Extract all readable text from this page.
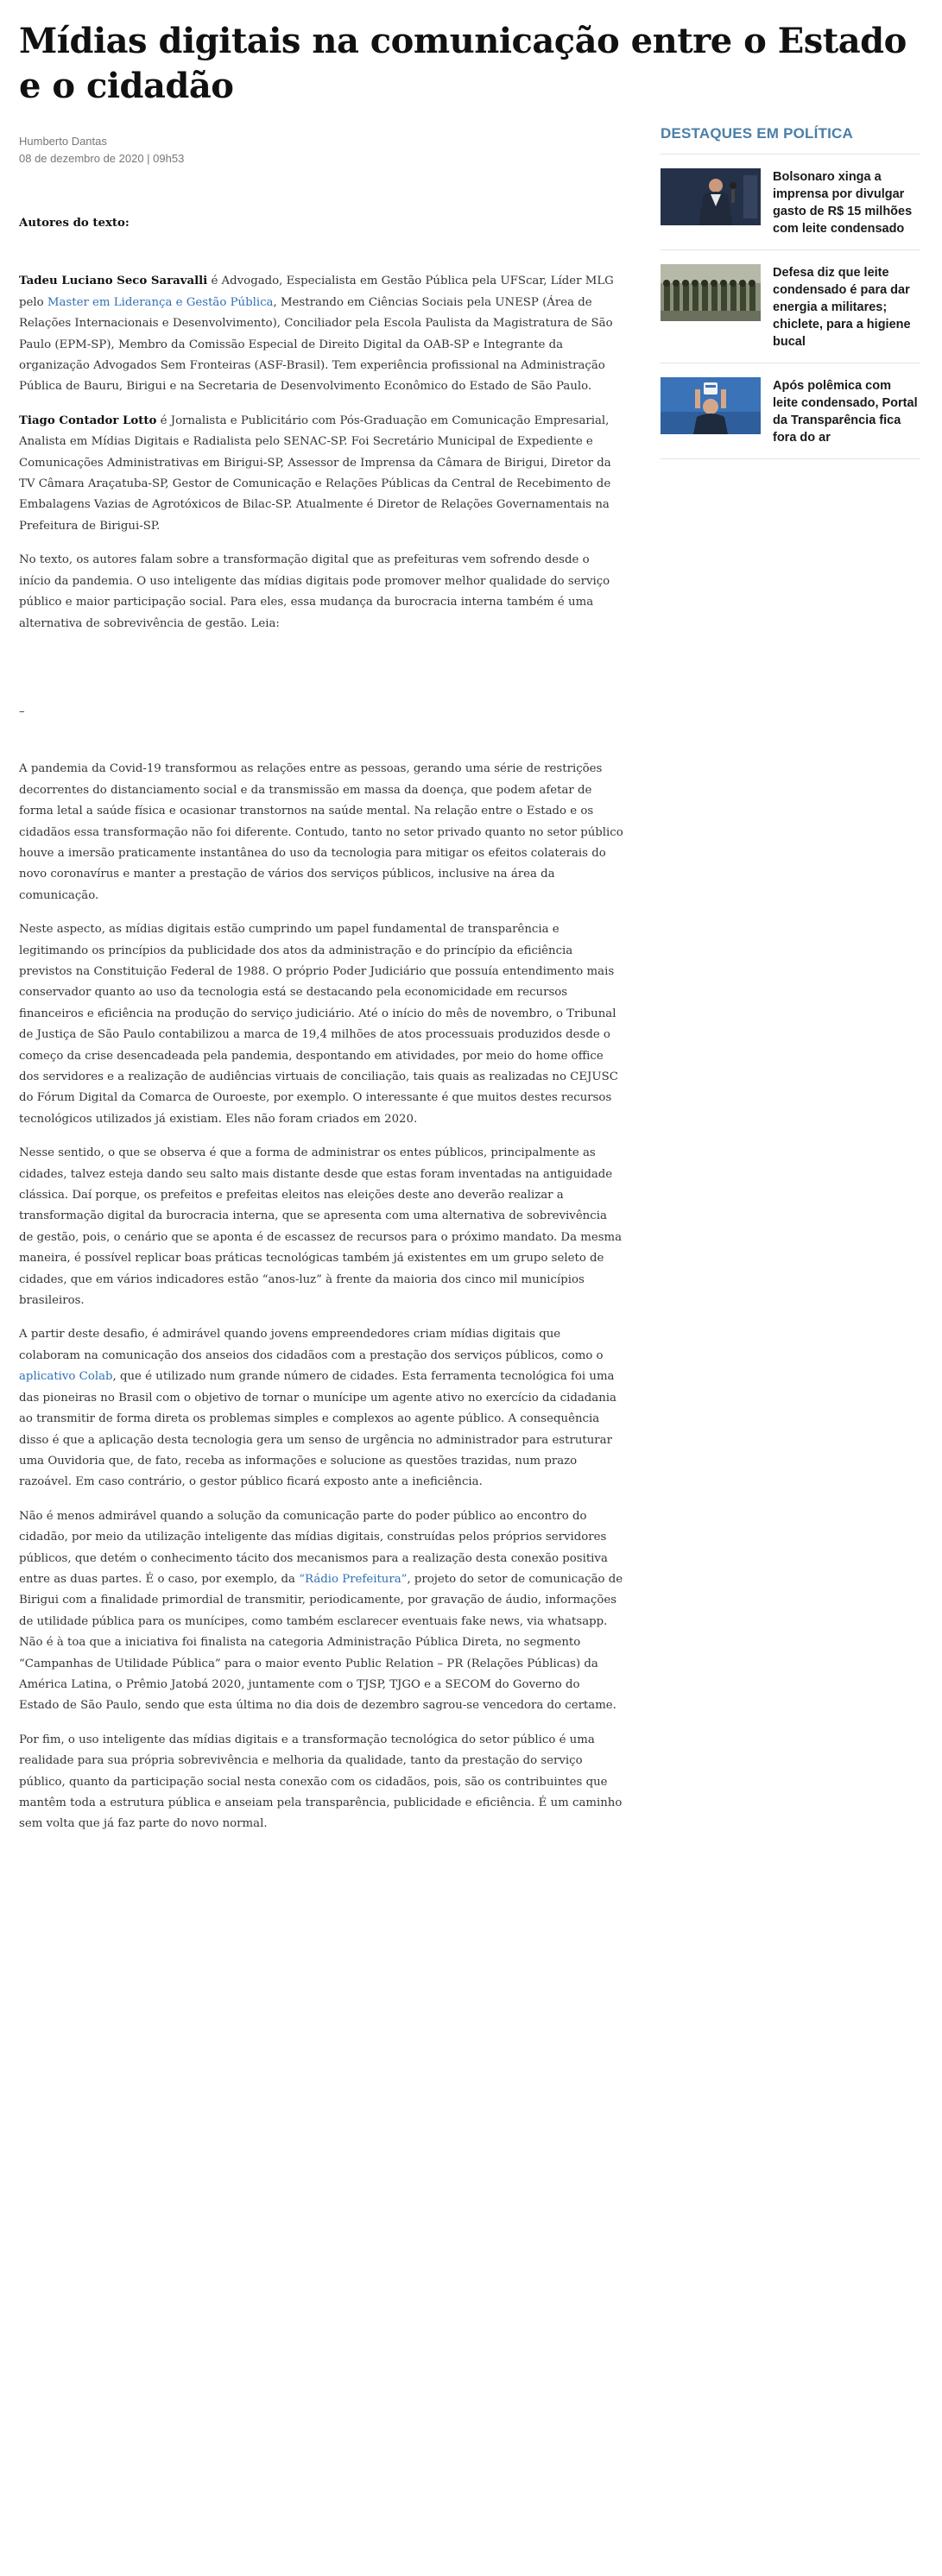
Mídias digitais na comunicação entre o Estado e o cidadão
Humberto Dantas
08 de dezembro de 2020 | 09h53

Autores do texto:

Tadeu Luciano Seco Saravalli é Advogado, Especialista em Gestão Pública pela UFScar, Líder MLG pelo Master em Liderança e Gestão Pública, Mestrando em Ciências Sociais pela UNESP (Área de Relações Internacionais e Desenvolvimento), Conciliador pela Escola Paulista da Magistratura de São Paulo (EPM-SP), Membro da Comissão Especial de Direito Digital da OAB-SP e Integrante da organização Advogados Sem Fronteiras (ASF-Brasil). Tem experiência profissional na Administração Pública de Bauru, Birigui e na Secretaria de Desenvolvimento Econômico do Estado de São Paulo.

Tiago Contador Lotto é Jornalista e Publicitário com Pós-Graduação em Comunicação Empresarial, Analista em Mídias Digitais e Radialista pelo SENAC-SP. Foi Secretário Municipal de Expediente e Comunicações Administrativas em Birigui-SP, Assessor de Imprensa da Câmara de Birigui, Diretor da TV Câmara Araçatuba-SP, Gestor de Comunicação e Relações Públicas da Central de Recebimento de Embalagens Vazias de Agrotóxicos de Bilac-SP. Atualmente é Diretor de Relações Governamentais na Prefeitura de Birigui-SP.

No texto, os autores falam sobre a transformação digital que as prefeituras vem sofrendo desde o início da pandemia. O uso inteligente das mídias digitais pode promover melhor qualidade do serviço público e maior participação social. Para eles, essa mudança da burocracia interna também é uma alternativa de sobrevivência de gestão. Leia:

–

A pandemia da Covid-19 transformou as relações entre as pessoas, gerando uma série de restrições decorrentes do distanciamento social e da transmissão em massa da doença, que podem afetar de forma letal a saúde física e ocasionar transtornos na saúde mental. Na relação entre o Estado e os cidadãos essa transformação não foi diferente. Contudo, tanto no setor privado quanto no setor público houve a imersão praticamente instantânea do uso da tecnologia para mitigar os efeitos colaterais do novo coronavírus e manter a prestação de vários dos serviços públicos, inclusive na área da comunicação.

Neste aspecto, as mídias digitais estão cumprindo um papel fundamental de transparência e legitimando os princípios da publicidade dos atos da administração e do princípio da eficiência previstos na Constituição Federal de 1988. O próprio Poder Judiciário que possuía entendimento mais conservador quanto ao uso da tecnologia está se destacando pela economicidade em recursos financeiros e eficiência na produção do serviço judiciário. Até o início do mês de novembro, o Tribunal de Justiça de São Paulo contabilizou a marca de 19,4 milhões de atos processuais produzidos desde o começo da crise desencadeada pela pandemia, despontando em atividades, por meio do home office dos servidores e a realização de audiências virtuais de conciliação, tais quais as realizadas no CEJUSC do Fórum Digital da Comarca de Ouroeste, por exemplo. O interessante é que muitos destes recursos tecnológicos utilizados já existiam. Eles não foram criados em 2020.

Nesse sentido, o que se observa é que a forma de administrar os entes públicos, principalmente as cidades, talvez esteja dando seu salto mais distante desde que estas foram inventadas na antiguidade clássica. Daí porque, os prefeitos e prefeitas eleitos nas eleições deste ano deverão realizar a transformação digital da burocracia interna, que se apresenta com uma alternativa de sobrevivência de gestão, pois, o cenário que se aponta é de escassez de recursos para o próximo mandato. Da mesma maneira, é possível replicar boas práticas tecnológicas também já existentes em um grupo seleto de cidades, que em vários indicadores estão “anos-luz” à frente da maioria dos cinco mil municípios brasileiros.

A partir deste desafio, é admirável quando jovens empreendedores criam mídias digitais que colaboram na comunicação dos anseios dos cidadãos com a prestação dos serviços públicos, como o aplicativo Colab, que é utilizado num grande número de cidades. Esta ferramenta tecnológica foi uma das pioneiras no Brasil com o objetivo de tornar o munícipe um agente ativo no exercício da cidadania ao transmitir de forma direta os problemas simples e complexos ao agente público. A consequência disso é que a aplicação desta tecnologia gera um senso de urgência no administrador para estruturar uma Ouvidoria que, de fato, receba as informações e solucione as questões trazidas, num prazo razoável. Em caso contrário, o gestor público ficará exposto ante a ineficiência.

Não é menos admirável quando a solução da comunicação parte do poder público ao encontro do cidadão, por meio da utilização inteligente das mídias digitais, construídas pelos próprios servidores públicos, que detém o conhecimento tácito dos mecanismos para a realização desta conexão positiva entre as duas partes. É o caso, por exemplo, da “Rádio Prefeitura”, projeto do setor de comunicação de Birigui com a finalidade primordial de transmitir, periodicamente, por gravação de áudio, informações de utilidade pública para os munícipes, como também esclarecer eventuais fake news, via whatsapp. Não é à toa que a iniciativa foi finalista na categoria Administração Pública Direta, no segmento “Campanhas de Utilidade Pública” para o maior evento Public Relation – PR (Relações Públicas) da América Latina, o Prêmio Jatobá 2020, juntamente com o TJSP, TJGO e a SECOM do Governo do Estado de São Paulo, sendo que esta última no dia dois de dezembro sagrou-se vencedora do certame.

Por fim, o uso inteligente das mídias digitais e a transformação tecnológica do setor público é uma realidade para sua própria sobrevivência e melhoria da qualidade, tanto da prestação do serviço público, quanto da participação social nesta conexão com os cidadãos, pois, são os contribuintes que mantêm toda a estrutura pública e anseiam pela transparência, publicidade e eficiência. É um caminho sem volta que já faz parte do novo normal.

DESTAQUES EM POLÍTICA
Bolsonaro xinga a imprensa por divulgar gasto de R$ 15 milhões com leite condensado
Defesa diz que leite condensado é para dar energia a militares; chiclete, para a higiene bucal
Após polêmica com leite condensado, Portal da Transparência fica fora do ar
